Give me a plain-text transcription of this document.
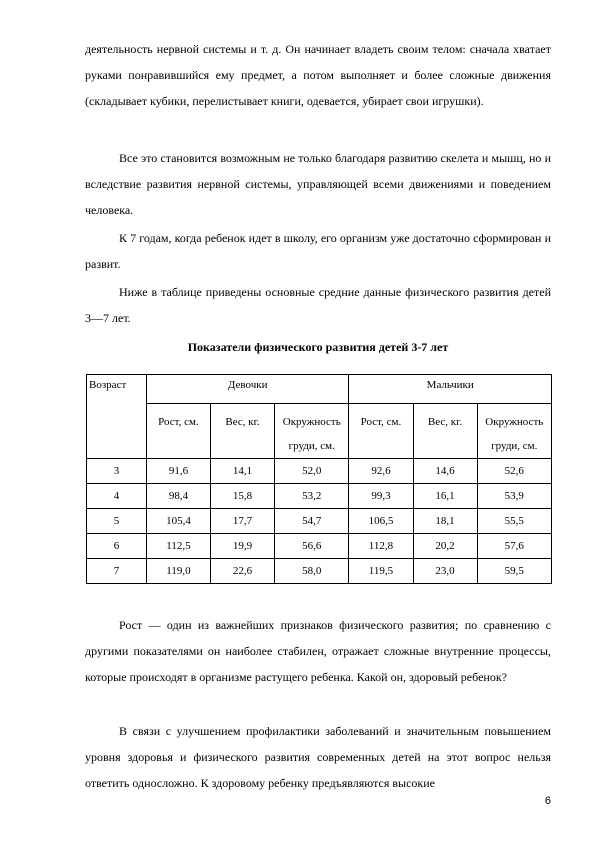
деятельность нервной системы и т. д. Он начинает владеть своим телом: сначала хватает руками понравившийся ему предмет, а потом выполняет и более сложные движения (складывает кубики, перелистывает книги, одевается, убирает свои игрушки).

Все это становится возможным не только благодаря развитию скелета и мышц, но и вследствие развития нервной системы, управляющей всеми движениями и поведением человека.

К 7 годам, когда ребенок идет в школу, его организм уже достаточно сформирован и развит.

Ниже в таблице приведены основные средние данные физического развития детей 3—7 лет.

Показатели физического развития детей 3-7 лет
Возраст	Девочки			Мальчики		
	Рост, см.	Вес, кг.	Окружность груди, см.	Рост, см.	Вес, кг.	Окружность груди, см.
3	91,6	14,1	52,0	92,6	14,6	52,6
4	98,4	15,8	53,2	99,3	16,1	53,9
5	105,4	17,7	54,7	106,5	18,1	55,5
6	112,5	19,9	56,6	112,8	20,2	57,6
7	119,0	22,6	58,0	119,5	23,0	59,5

Рост — один из важнейших признаков физического развития; по сравнению с другими показателями он наиболее стабилен, отражает сложные внутренние процессы, которые происходят в организме растущего ребенка. Какой он, здоровый ребенок?

В связи с улучшением профилактики заболеваний и значительным повышением уровня здоровья и физического развития современных детей на этот вопрос нельзя ответить односложно. К здоровому ребенку предъявляются высокие

6
